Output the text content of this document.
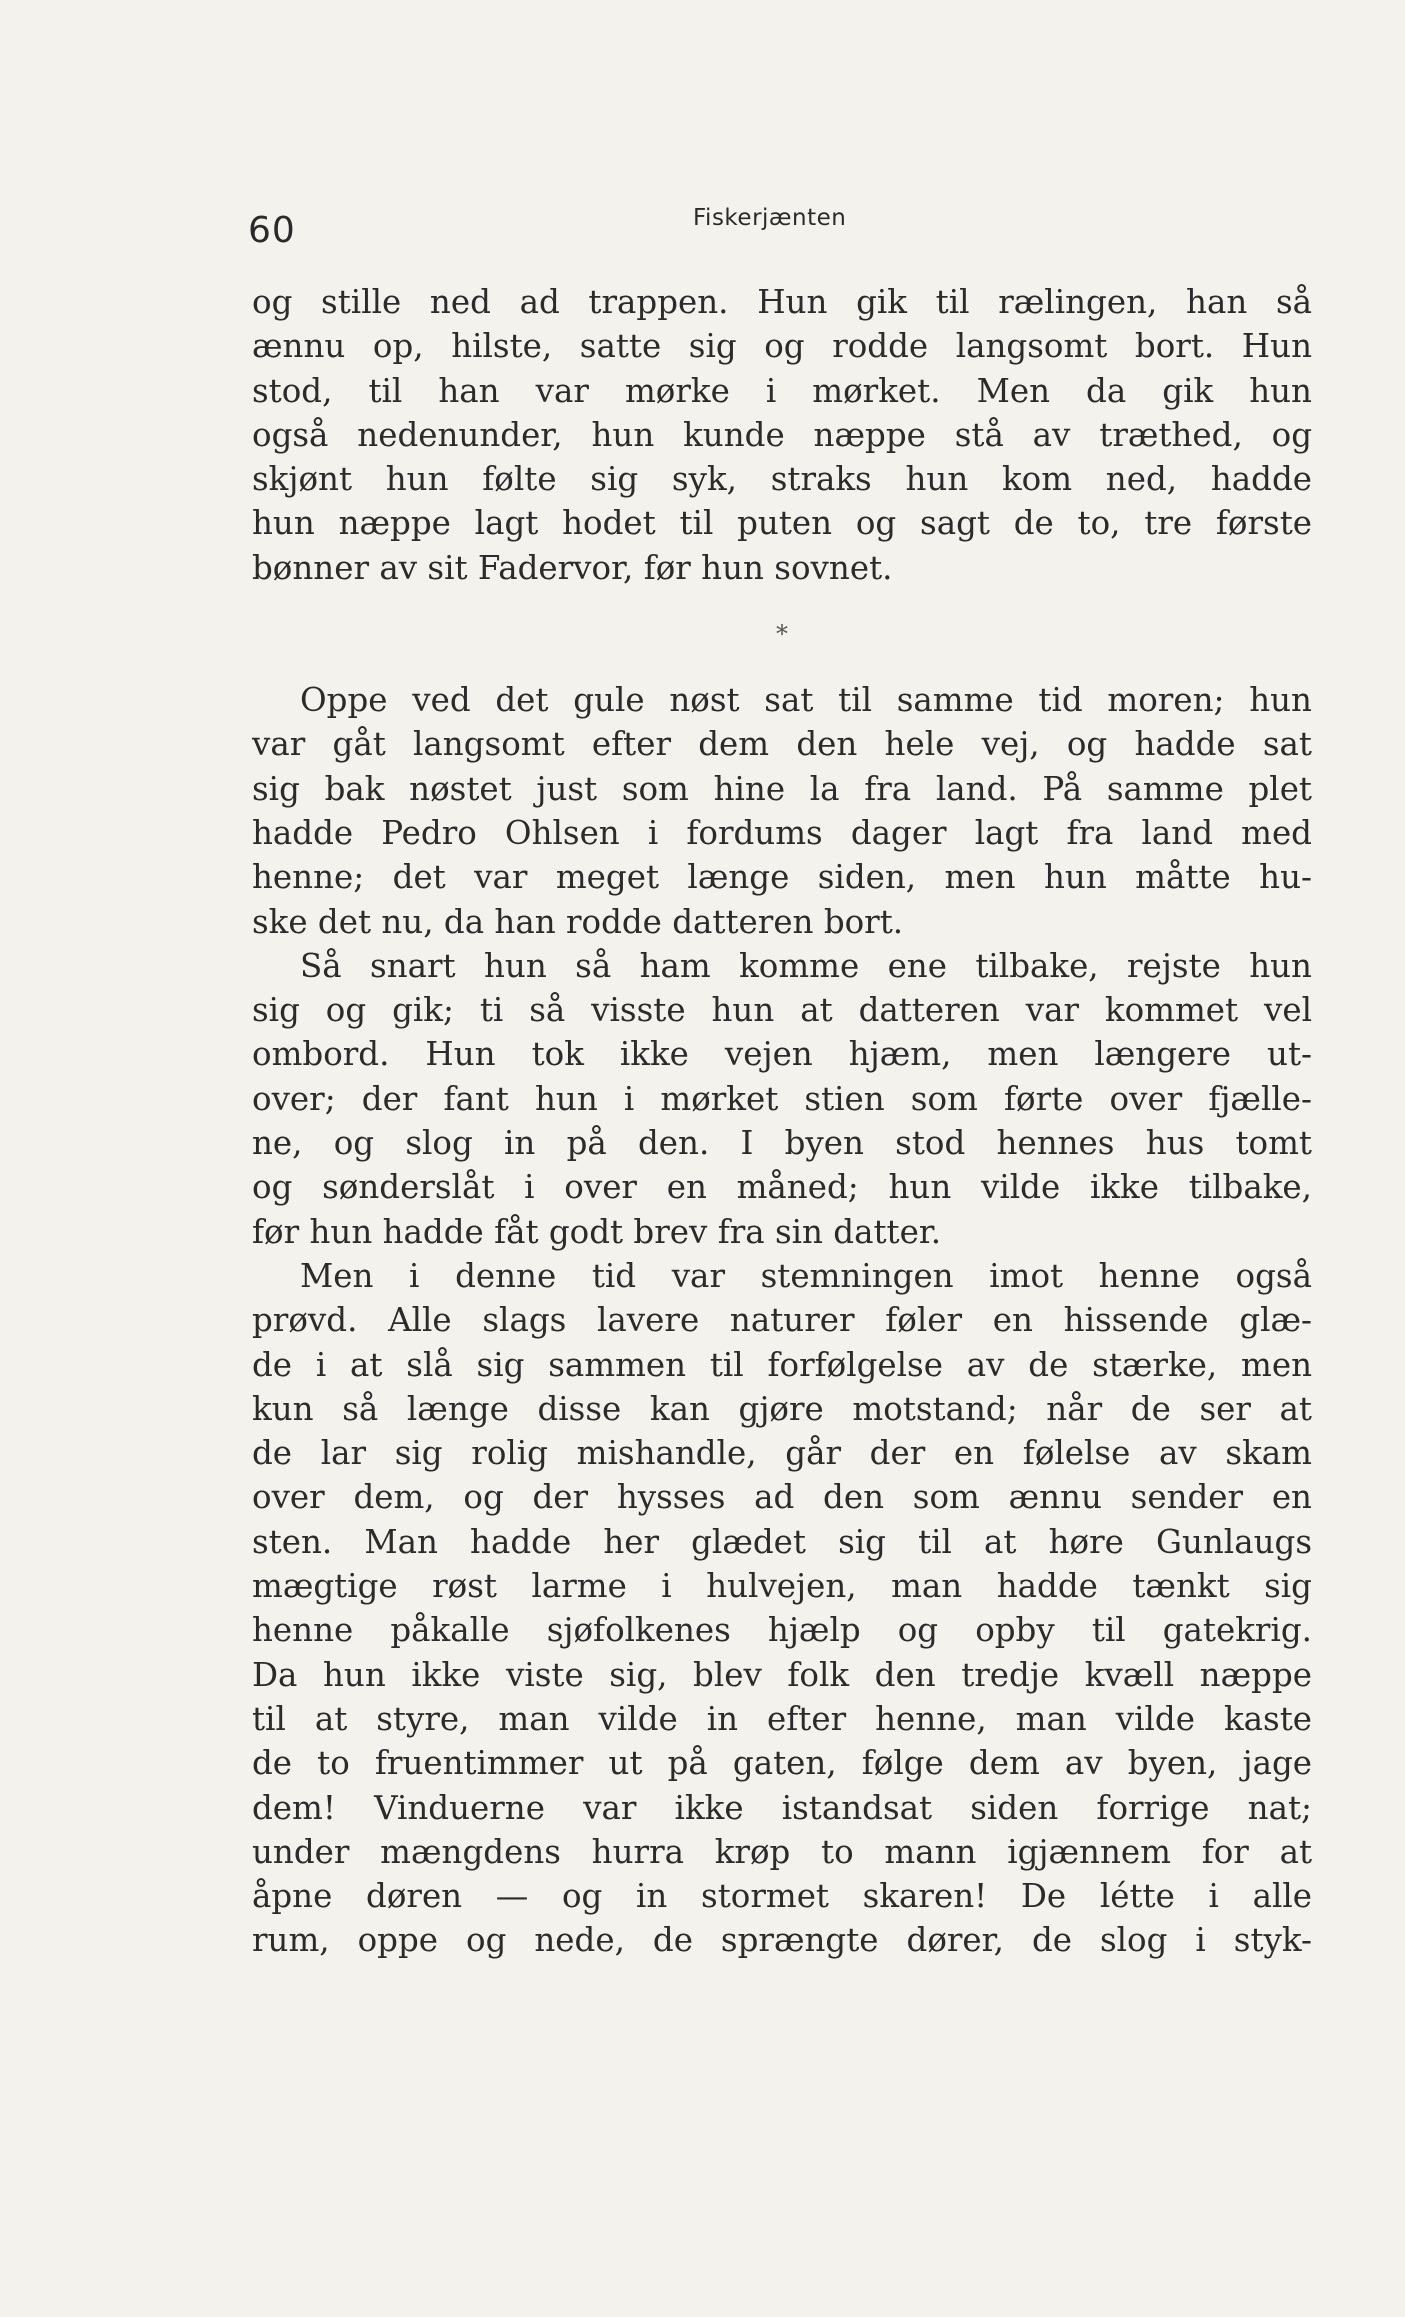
60	Fiskerjænten
og stille ned ad trappen. Hun gik til rælingen, han så
ænnu op, hilste, satte sig og rodde langsomt bort. Hun
stod, til han var mørke i mørket. Men da gik hun
også nedenunder, hun kunde næppe stå av træthed, og
skjønt hun følte sig syk, straks hun kom ned, hadde
hun næppe lagt hodet til puten og sagt de to, tre første
bønner av sit Fadervor, før hun sovnet.
*
Oppe ved det gule nøst sat til samme tid moren; hun
var gåt langsomt efter dem den hele vej, og hadde sat
sig bak nøstet just som hine la fra land. På samme plet
hadde Pedro Ohlsen i fordums dager lagt fra land med
henne; det var meget længe siden, men hun måtte hu-
ske det nu, da han rodde datteren bort.
Så snart hun så ham komme ene tilbake, rejste hun
sig og gik; ti så visste hun at datteren var kommet vel
ombord. Hun tok ikke vejen hjæm, men længere ut-
over; der fant hun i mørket stien som førte over fjælle-
ne, og slog in på den. I byen stod hennes hus tomt
og sønderslåt i over en måned; hun vilde ikke tilbake,
før hun hadde fåt godt brev fra sin datter.
Men i denne tid var stemningen imot henne også
prøvd. Alle slags lavere naturer føler en hissende glæ-
de i at slå sig sammen til forfølgelse av de stærke, men
kun så længe disse kan gjøre motstand; når de ser at
de lar sig rolig mishandle, går der en følelse av skam
over dem, og der hysses ad den som ænnu sender en
sten. Man hadde her glædet sig til at høre Gunlaugs
mægtige røst larme i hulvejen, man hadde tænkt sig
henne påkalle sjøfolkenes hjælp og opby til gatekrig.
Da hun ikke viste sig, blev folk den tredje kvæll næppe
til at styre, man vilde in efter henne, man vilde kaste
de to fruentimmer ut på gaten, følge dem av byen, jage
dem! Vinduerne var ikke istandsat siden forrige nat;
under mængdens hurra krøp to mann igjænnem for at
åpne døren — og in stormet skaren! De létte i alle
rum, oppe og nede, de sprængte dører, de slog i styk-
